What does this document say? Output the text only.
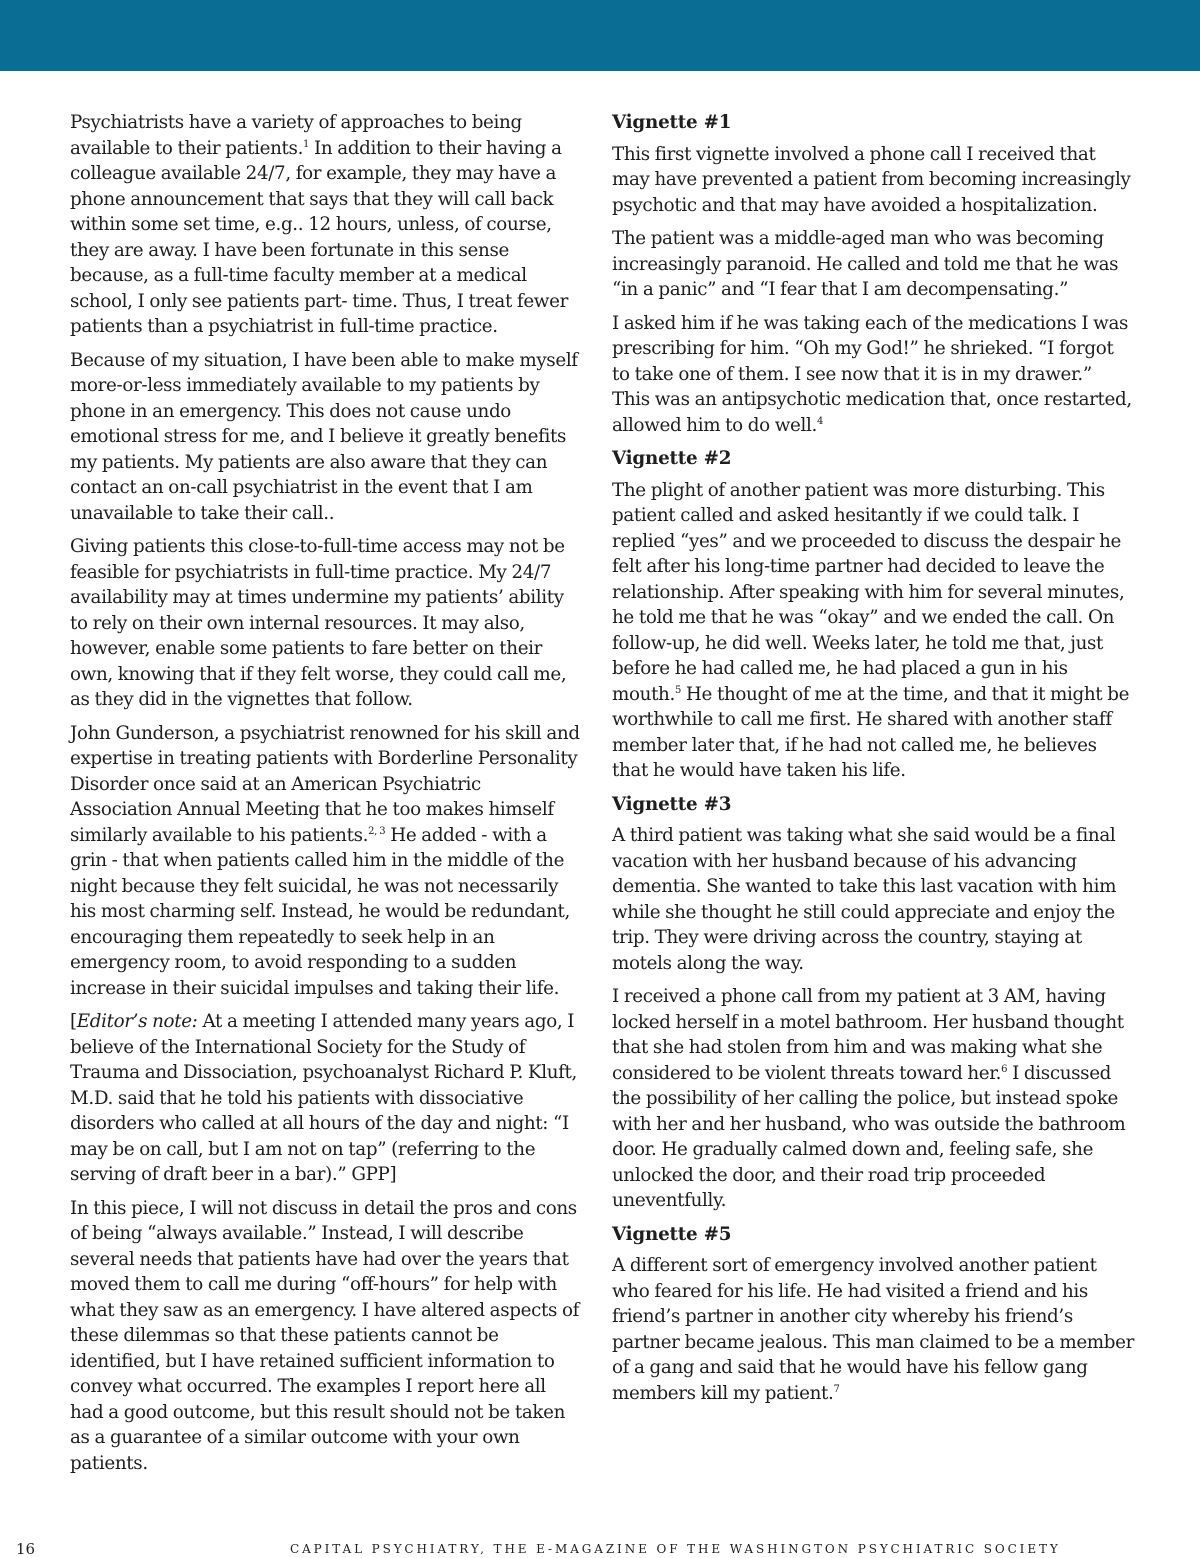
Psychiatrists have a variety of approaches to being available to their patients.$^1$ In addition to their having a colleague available 24/7, for example, they may have a phone announcement that says that they will call back within some set time, e.g.. 12 hours, unless, of course, they are away. I have been fortunate in this sense because, as a full-time faculty member at a medical school, I only see patients part- time. Thus, I treat fewer patients than a psychiatrist in full-time practice.

Because of my situation, I have been able to make myself more-or-less immediately available to my patients by phone in an emergency. This does not cause undo emotional stress for me, and I believe it greatly benefits my patients. My patients are also aware that they can contact an on-call psychiatrist in the event that I am unavailable to take their call..

Giving patients this close-to-full-time access may not be feasible for psychiatrists in full-time practice. My 24/7 availability may at times undermine my patients’ ability to rely on their own internal resources. It may also, however, enable some patients to fare better on their own, knowing that if they felt worse, they could call me, as they did in the vignettes that follow.

John Gunderson, a psychiatrist renowned for his skill and expertise in treating patients with Borderline Personality Disorder once said at an American Psychiatric Association Annual Meeting that he too makes himself similarly available to his patients.$^{2, 3}$ He added - with a grin - that when patients called him in the middle of the night because they felt suicidal, he was not necessarily his most charming self. Instead, he would be redundant, encouraging them repeatedly to seek help in an emergency room, to avoid responding to a sudden increase in their suicidal impulses and taking their life.

[Editor’s note: At a meeting I attended many years ago, I believe of the International Society for the Study of Trauma and Dissociation, psychoanalyst Richard P. Kluft, M.D. said that he told his patients with dissociative disorders who called at all hours of the day and night: “I may be on call, but I am not on tap” (referring to the serving of draft beer in a bar).” GPP]

In this piece, I will not discuss in detail the pros and cons of being “always available.” Instead, I will describe several needs that patients have had over the years that moved them to call me during “off-hours” for help with what they saw as an emergency. I have altered aspects of these dilemmas so that these patients cannot be identified, but I have retained sufficient information to convey what occurred. The examples I report here all had a good outcome, but this result should not be taken as a guarantee of a similar outcome with your own patients.

Vignette #1

This first vignette involved a phone call I received that may have prevented a patient from becoming increasingly psychotic and that may have avoided a hospitalization.

The patient was a middle-aged man who was becoming increasingly paranoid. He called and told me that he was “in a panic” and “I fear that I am decompensating.”

I asked him if he was taking each of the medications I was prescribing for him. “Oh my God!” he shrieked. “I forgot to take one of them. I see now that it is in my drawer.” This was an antipsychotic medication that, once restarted, allowed him to do well.$^4$

Vignette #2

The plight of another patient was more disturbing. This patient called and asked hesitantly if we could talk. I replied “yes” and we proceeded to discuss the despair he felt after his long-time partner had decided to leave the relationship. After speaking with him for several minutes, he told me that he was “okay” and we ended the call. On follow-up, he did well. Weeks later, he told me that, just before he had called me, he had placed a gun in his mouth.$^5$ He thought of me at the time, and that it might be worthwhile to call me first. He shared with another staff member later that, if he had not called me, he believes that he would have taken his life.

Vignette #3

A third patient was taking what she said would be a final vacation with her husband because of his advancing dementia. She wanted to take this last vacation with him while she thought he still could appreciate and enjoy the trip. They were driving across the country, staying at motels along the way.

I received a phone call from my patient at 3 AM, having locked herself in a motel bathroom. Her husband thought that she had stolen from him and was making what she considered to be violent threats toward her.$^6$ I discussed the possibility of her calling the police, but instead spoke with her and her husband, who was outside the bathroom door. He gradually calmed down and, feeling safe, she unlocked the door, and their road trip proceeded uneventfully.

Vignette #5

A different sort of emergency involved another patient who feared for his life. He had visited a friend and his friend’s partner in another city whereby his friend’s partner became jealous. This man claimed to be a member of a gang and said that he would have his fellow gang members kill my patient.$^7$

16	CAPITAL PSYCHIATRY, THE E-MAGAZINE OF THE WASHINGTON PSYCHIATRIC SOCIETY
